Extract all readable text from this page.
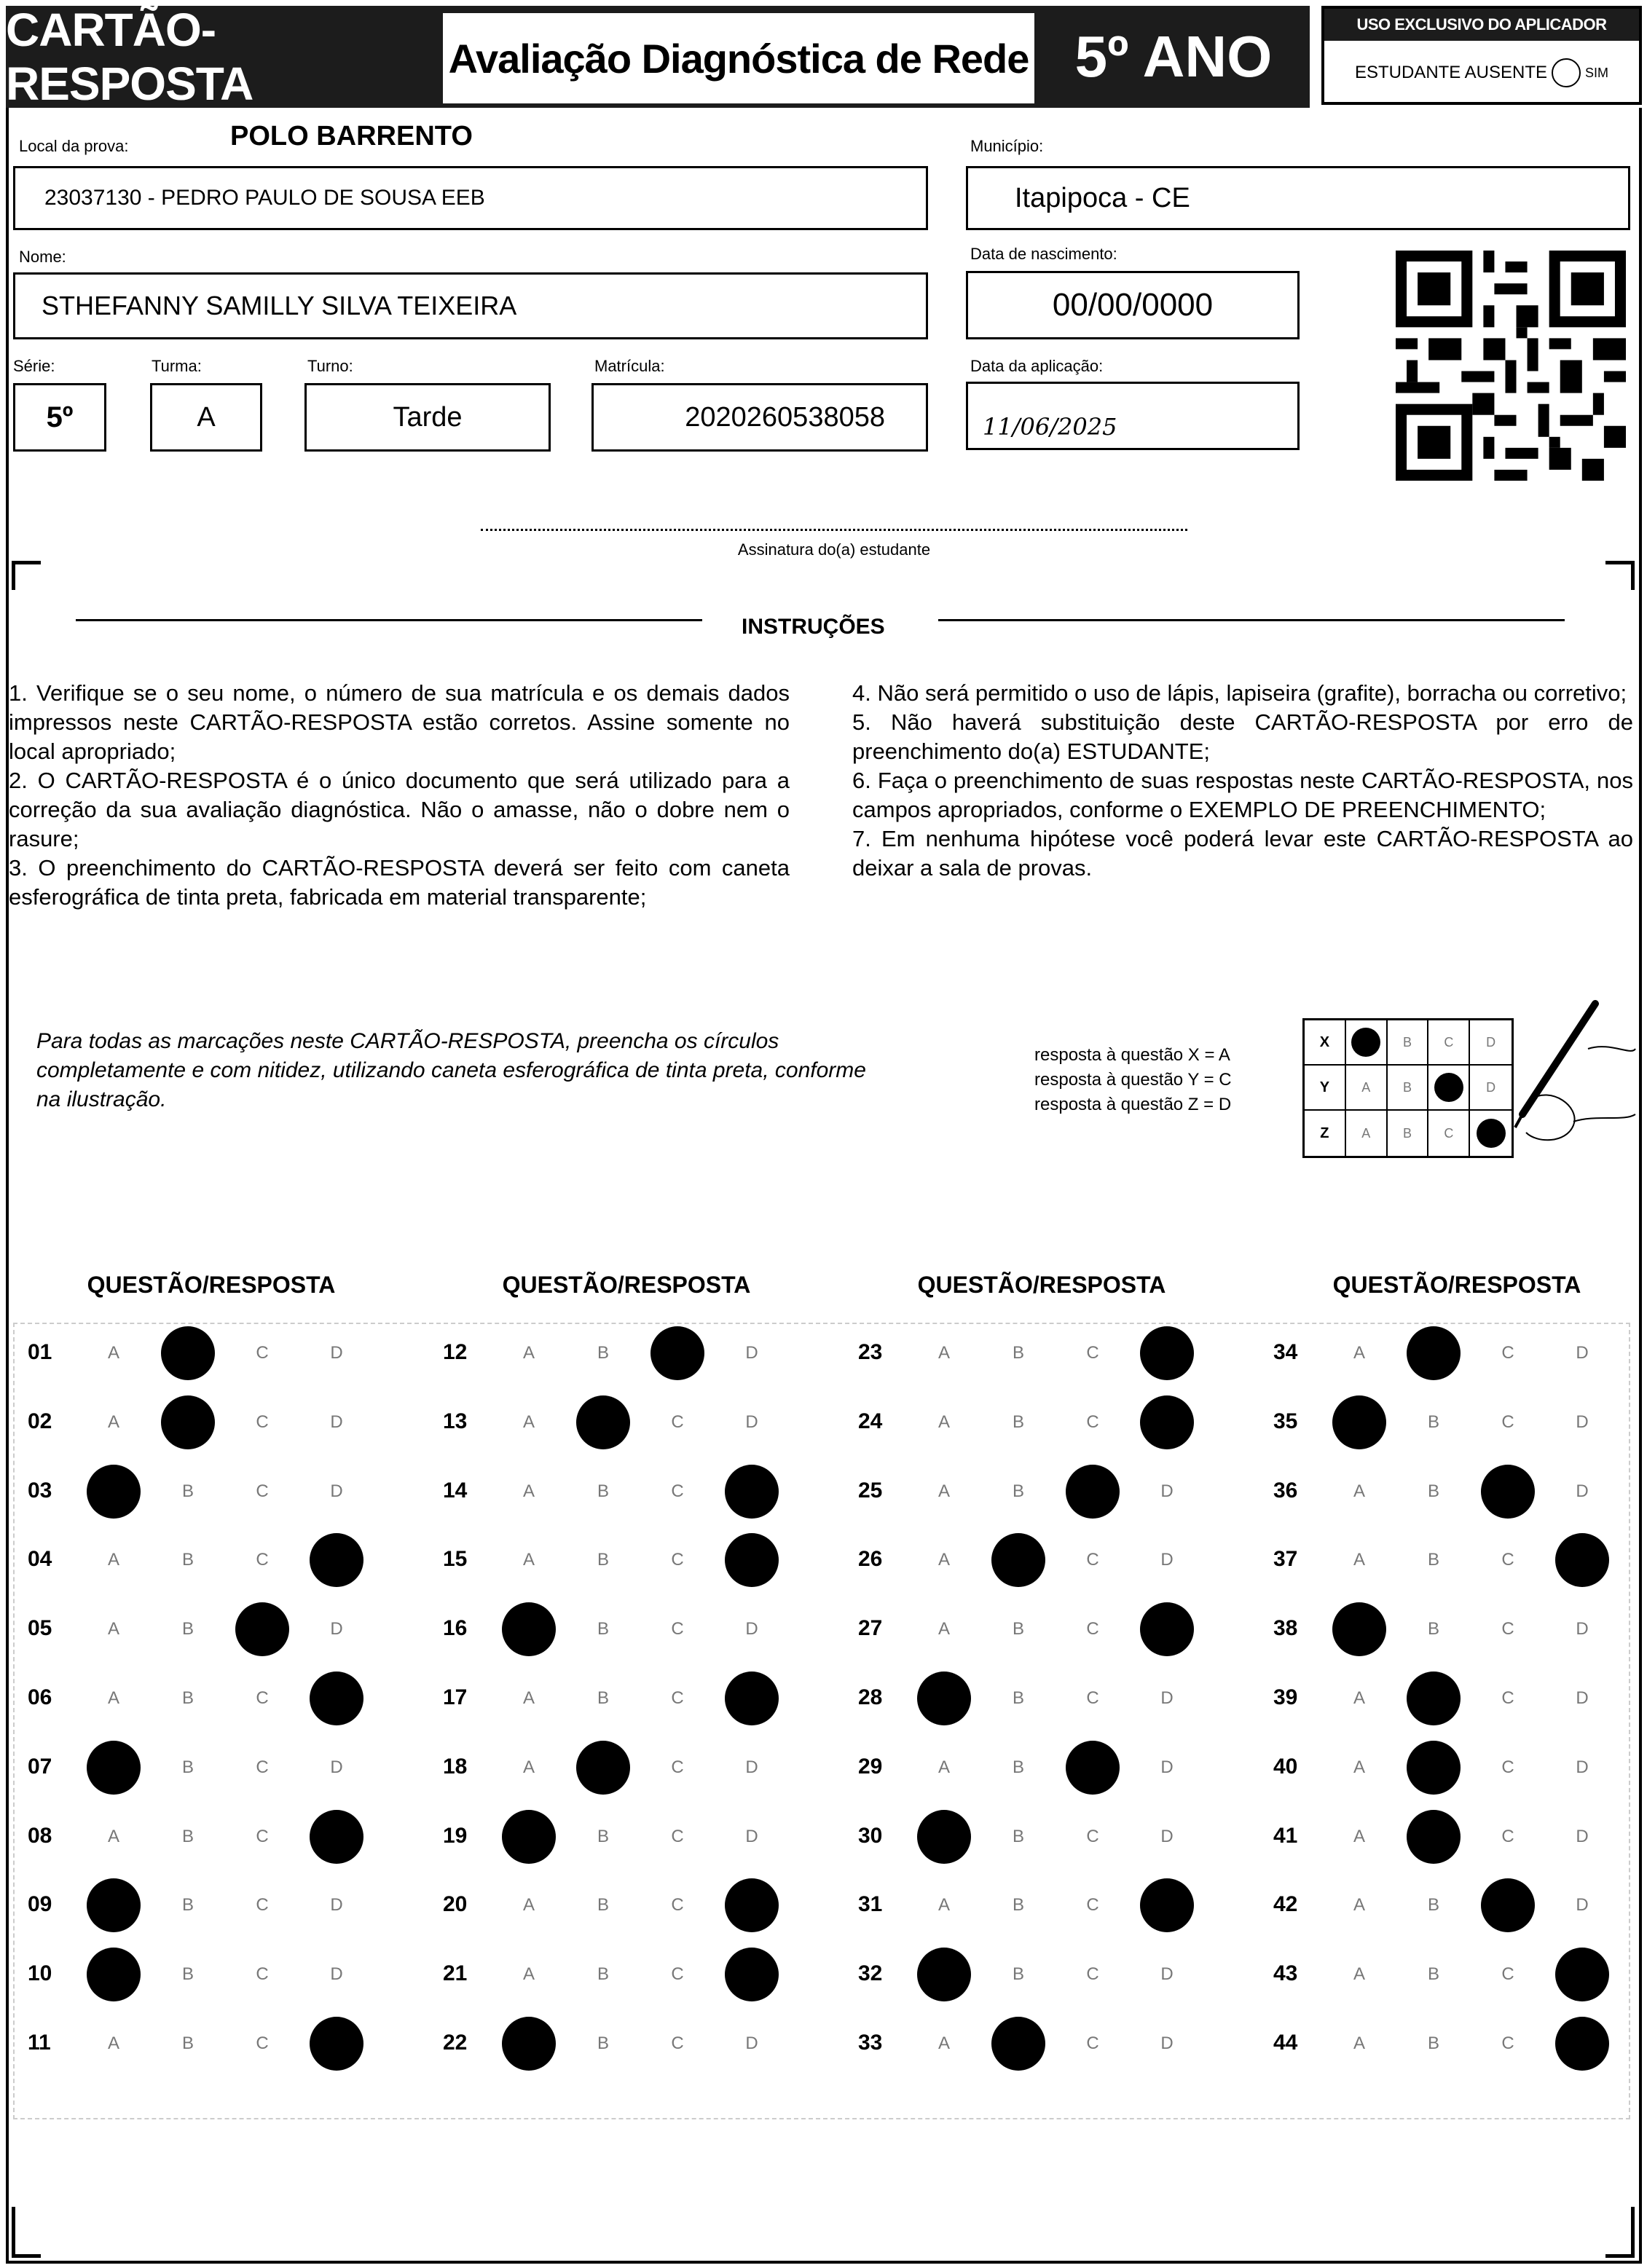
CARTÃO-RESPOSTA	Avaliação Diagnóstica de Rede 5º ANO	USO EXCLUSIVO DO APLICADOR
ESTUDANTE AUSENTE	SIM
Local da prova:	POLO BARRENTO
23037130 - PEDRO PAULO DE SOUSA EEB
Município:
Itapipoca - CE
Nome:
STHEFANNY SAMILLY SILVA TEIXEIRA
Data de nascimento:
00/00/0000
Série:
5º
Turma:
A
Turno:
Tarde
Matrícula:
2020260538058
Data da aplicação:
11/06/2025
Assinatura do(a) estudante
INSTRUÇÕES

1. Verifique se o seu nome, o número de sua matrícula e os demais dados impressos neste CARTÃO-RESPOSTA estão corretos. Assine somente no local apropriado;

2. O CARTÃO-RESPOSTA é o único documento que será utilizado para a correção da sua avaliação diagnóstica. Não o amasse, não o dobre nem o rasure;

3. O preenchimento do CARTÃO-RESPOSTA deverá ser feito com caneta esferográfica de tinta preta, fabricada em material transparente;

4. Não será permitido o uso de lápis, lapiseira (grafite), borracha ou corretivo;

5. Não haverá substituição deste CARTÃO-RESPOSTA por erro de preenchimento do(a) ESTUDANTE;

6. Faça o preenchimento de suas respostas neste CARTÃO-RESPOSTA, nos campos apropriados, conforme o EXEMPLO DE PREENCHIMENTO;

7. Em nenhuma hipótese você poderá levar este CARTÃO-RESPOSTA ao deixar a sala de provas.

Para todas as marcações neste CARTÃO-RESPOSTA, preencha os círculos completamente e com nitidez, utilizando caneta esferográfica de tinta preta, conforme na ilustração.
resposta à questão X = A
resposta à questão Y = C
resposta à questão Z = D
X	B	C	D
Y	A	B	D
Z	A	B	C
QUESTÃO/RESPOSTA	QUESTÃO/RESPOSTA	QUESTÃO/RESPOSTA	QUESTÃO/RESPOSTA
01	A	C	D
02	A	C	D
03	B	C	D
04	A	B	C
05	A	B	D
06	A	B	C
07	B	C	D
08	A	B	C
09	B	C	D
10	B	C	D
11	A	B	C
12	A	B	D
13	A	C	D
14	A	B	C
15	A	B	C
16	B	C	D
17	A	B	C
18	A	C	D
19	B	C	D
20	A	B	C
21	A	B	C
22	B	C	D
23	A	B	C
24	A	B	C
25	A	B	D
26	A	C	D
27	A	B	C
28	B	C	D
29	A	B	D
30	B	C	D
31	A	B	C
32	B	C	D
33	A	C	D
34	A	C	D
35	B	C	D
36	A	B	D
37	A	B	C
38	B	C	D
39	A	C	D
40	A	C	D
41	A	C	D
42	A	B	D
43	A	B	C
44	A	B	C
